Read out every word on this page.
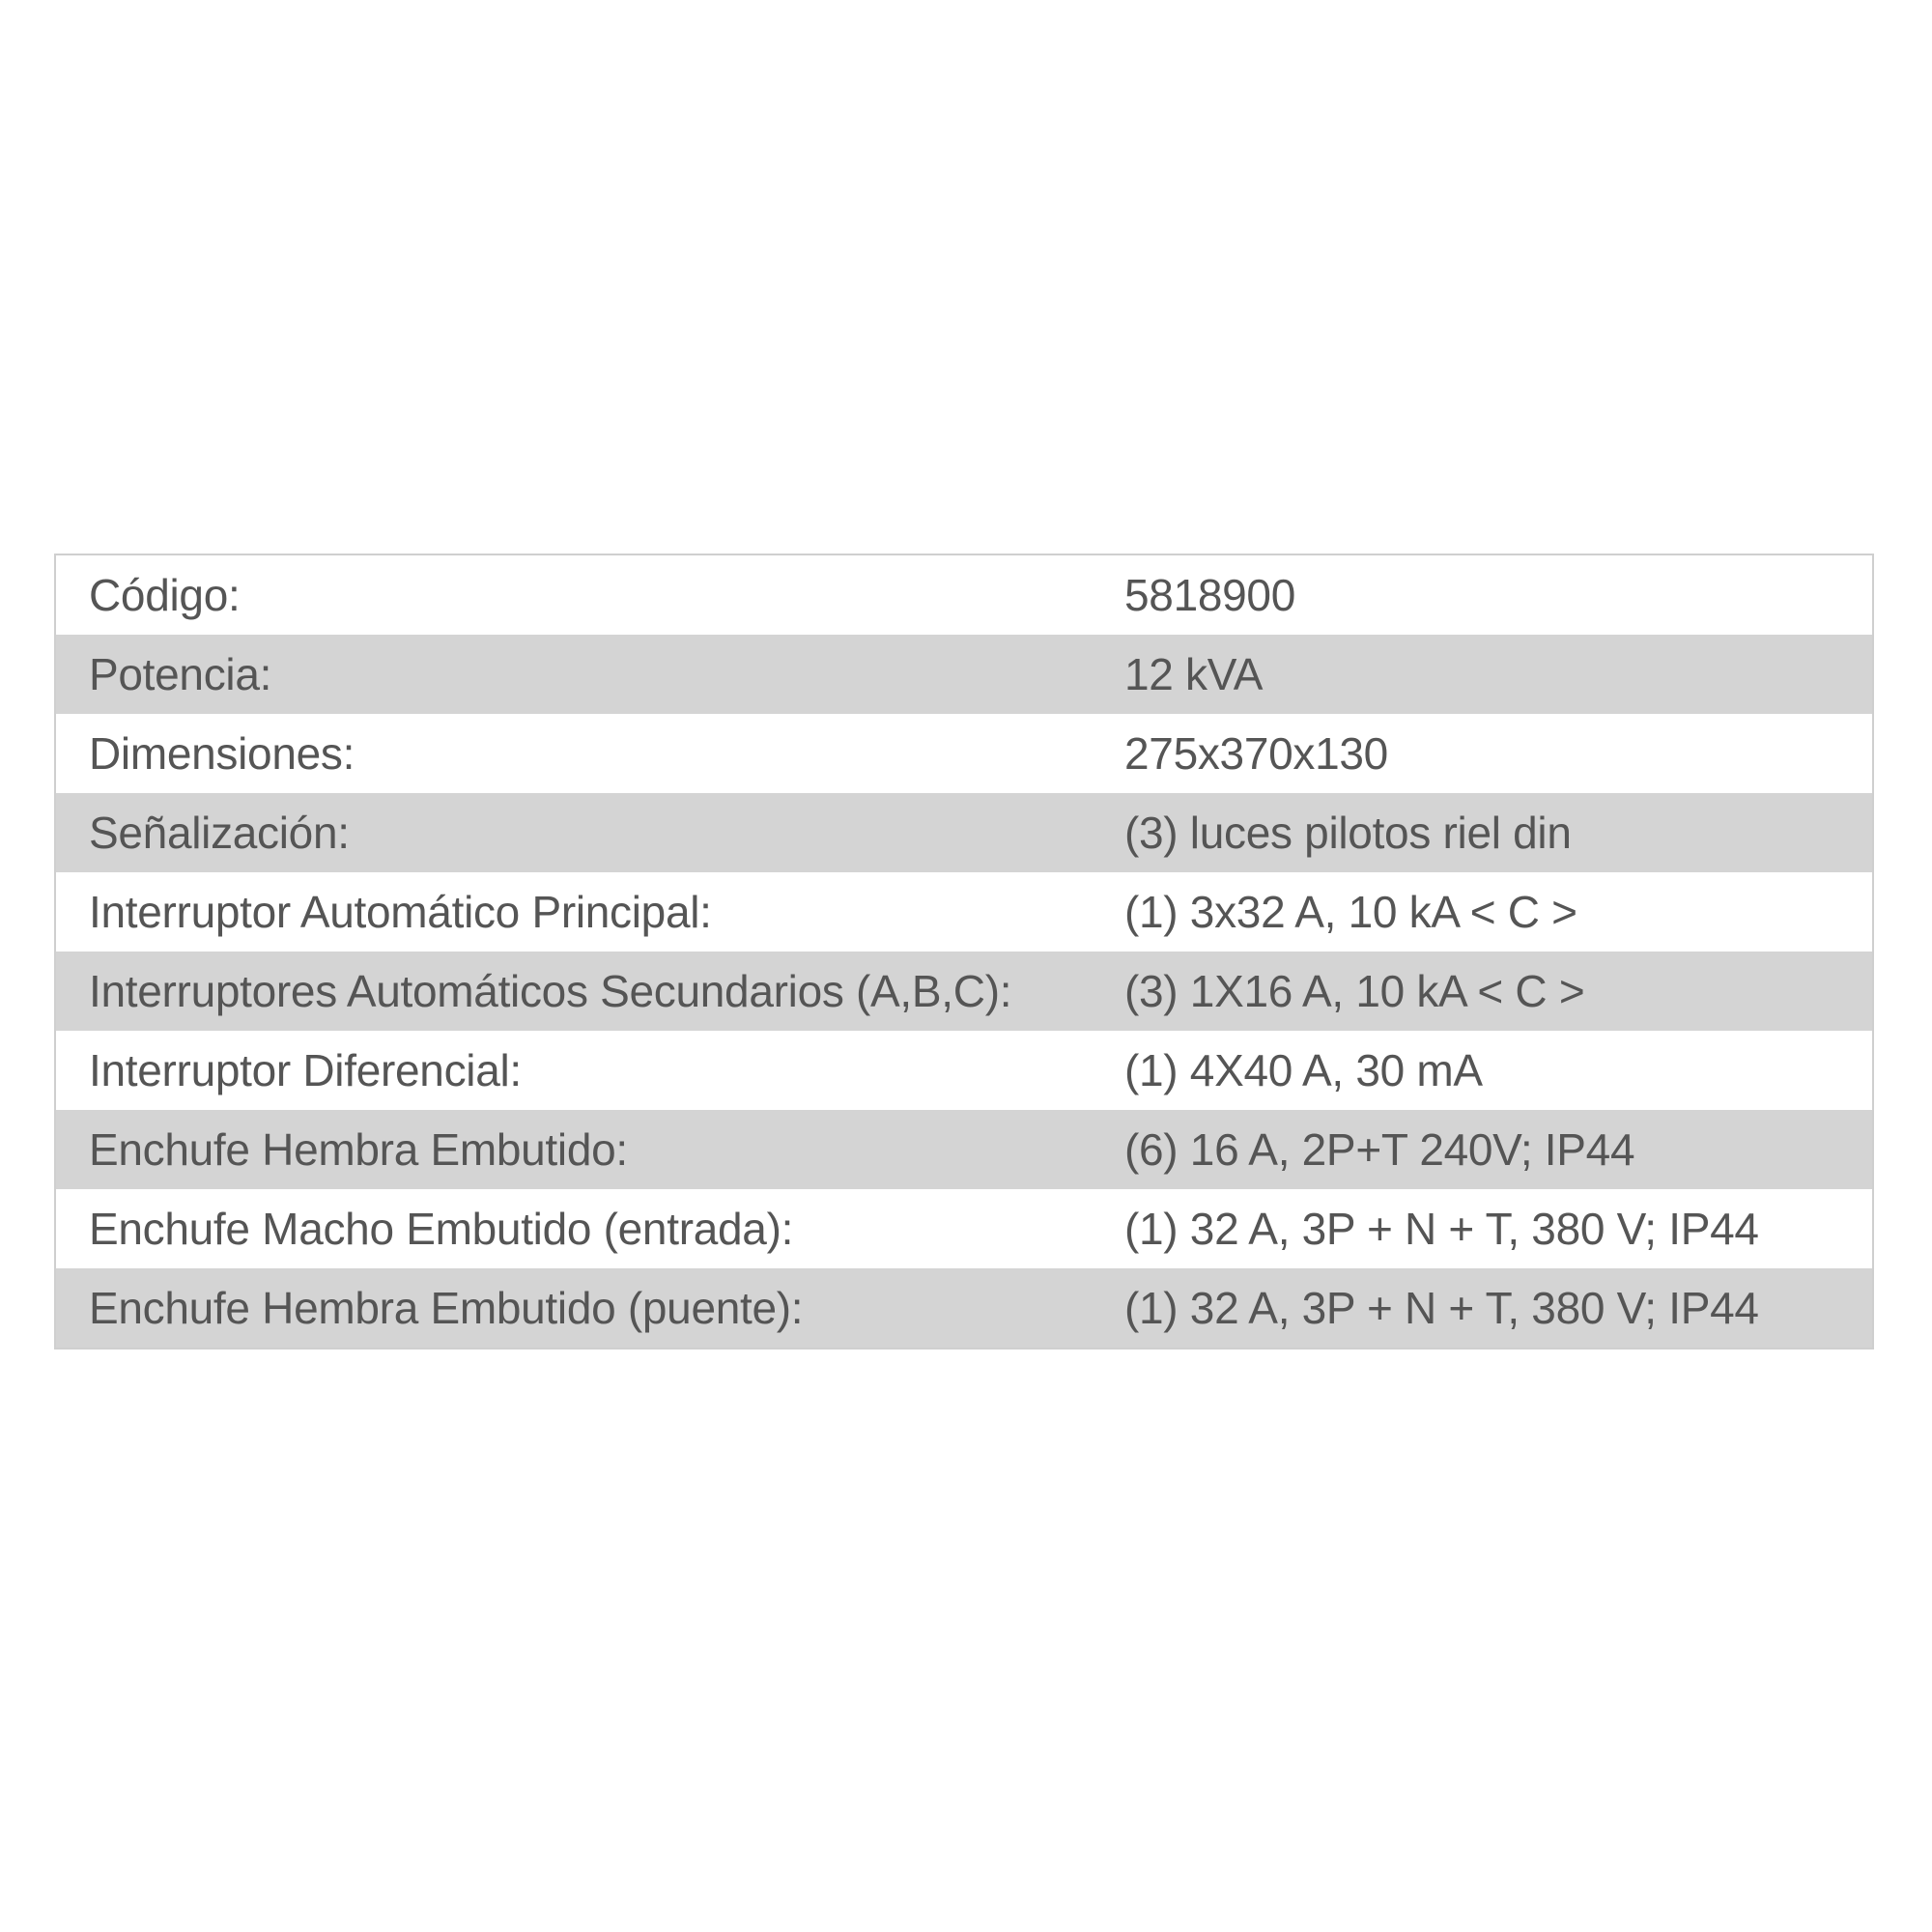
Código:	5818900
Potencia:	12 kVA
Dimensiones:	275x370x130
Señalización:	(3) luces pilotos riel din
Interruptor Automático Principal:	(1) 3x32 A, 10 kA < C >
Interruptores Automáticos Secundarios (A,B,C):	(3) 1X16 A, 10 kA < C >
Interruptor Diferencial:	(1) 4X40 A, 30 mA
Enchufe Hembra Embutido:	(6) 16 A, 2P+T 240V; IP44
Enchufe Macho Embutido (entrada):	(1) 32 A, 3P + N + T, 380 V; IP44
Enchufe Hembra Embutido (puente):	(1) 32 A, 3P + N + T, 380 V; IP44
